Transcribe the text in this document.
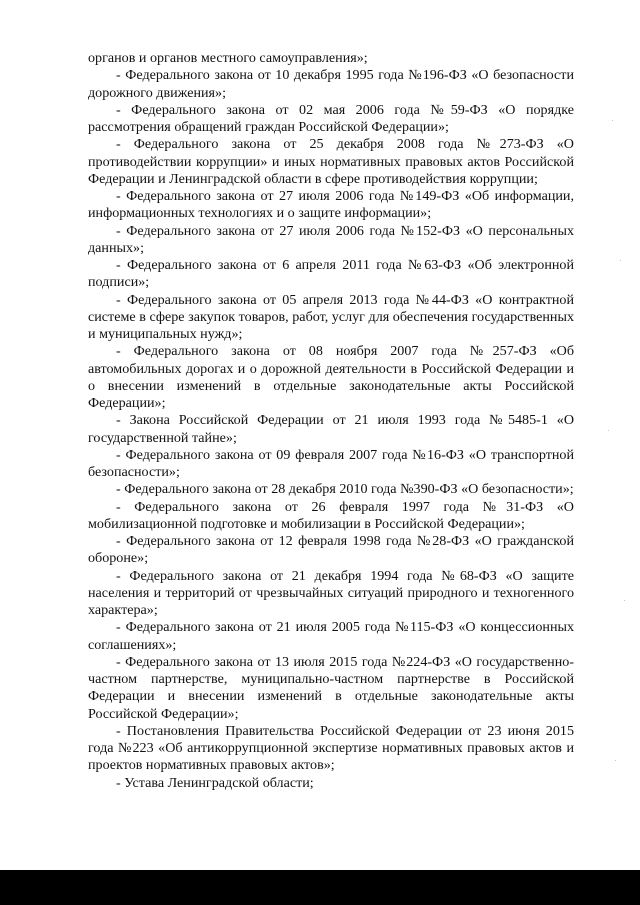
органов и органов местного самоуправления»;

- Федерального закона от 10 декабря 1995 года №196-ФЗ «О безопасности дорожного движения»;

- Федерального закона от 02 мая 2006 года №59-ФЗ «О порядке рассмотрения обращений граждан Российской Федерации»;

- Федерального закона от 25 декабря 2008 года №273-ФЗ «О противодействии коррупции» и иных нормативных правовых актов Российской Федерации и Ленинградской области в сфере противодействия коррупции;

- Федерального закона от 27 июля 2006 года №149-ФЗ «Об информации, информационных технологиях и о защите информации»;

- Федерального закона от 27 июля 2006 года №152-ФЗ «О персональных данных»;

- Федерального закона от 6 апреля 2011 года №63-ФЗ «Об электронной подписи»;

- Федерального закона от 05 апреля 2013 года №44-ФЗ «О контрактной системе в сфере закупок товаров, работ, услуг для обеспечения государственных и муниципальных нужд»;

- Федерального закона от 08 ноября 2007 года №257-ФЗ «Об автомобильных дорогах и о дорожной деятельности в Российской Федерации и о внесении изменений в отдельные законодательные акты Российской Федерации»;

- Закона Российской Федерации от 21 июля 1993 года №5485-1 «О государственной тайне»;

- Федерального закона от 09 февраля 2007 года №16-ФЗ «О транспортной безопасности»;

- Федерального закона от 28 декабря 2010 года №390-ФЗ «О безопасности»;

- Федерального закона от 26 февраля 1997 года №31-ФЗ «О мобилизационной подготовке и мобилизации в Российской Федерации»;

- Федерального закона от 12 февраля 1998 года №28-ФЗ «О гражданской обороне»;

- Федерального закона от 21 декабря 1994 года №68-ФЗ «О защите населения и территорий от чрезвычайных ситуаций природного и техногенного характера»;

- Федерального закона от 21 июля 2005 года №115-ФЗ «О концессионных соглашениях»;

- Федерального закона от 13 июля 2015 года №224-ФЗ «О государственно-частном партнерстве, муниципально-частном партнерстве в Российской Федерации и внесении изменений в отдельные законодательные акты Российской Федерации»;

- Постановления Правительства Российской Федерации от 23 июня 2015 года №223 «Об антикоррупционной экспертизе нормативных правовых актов и проектов нормативных правовых актов»;

- Устава Ленинградской области;
